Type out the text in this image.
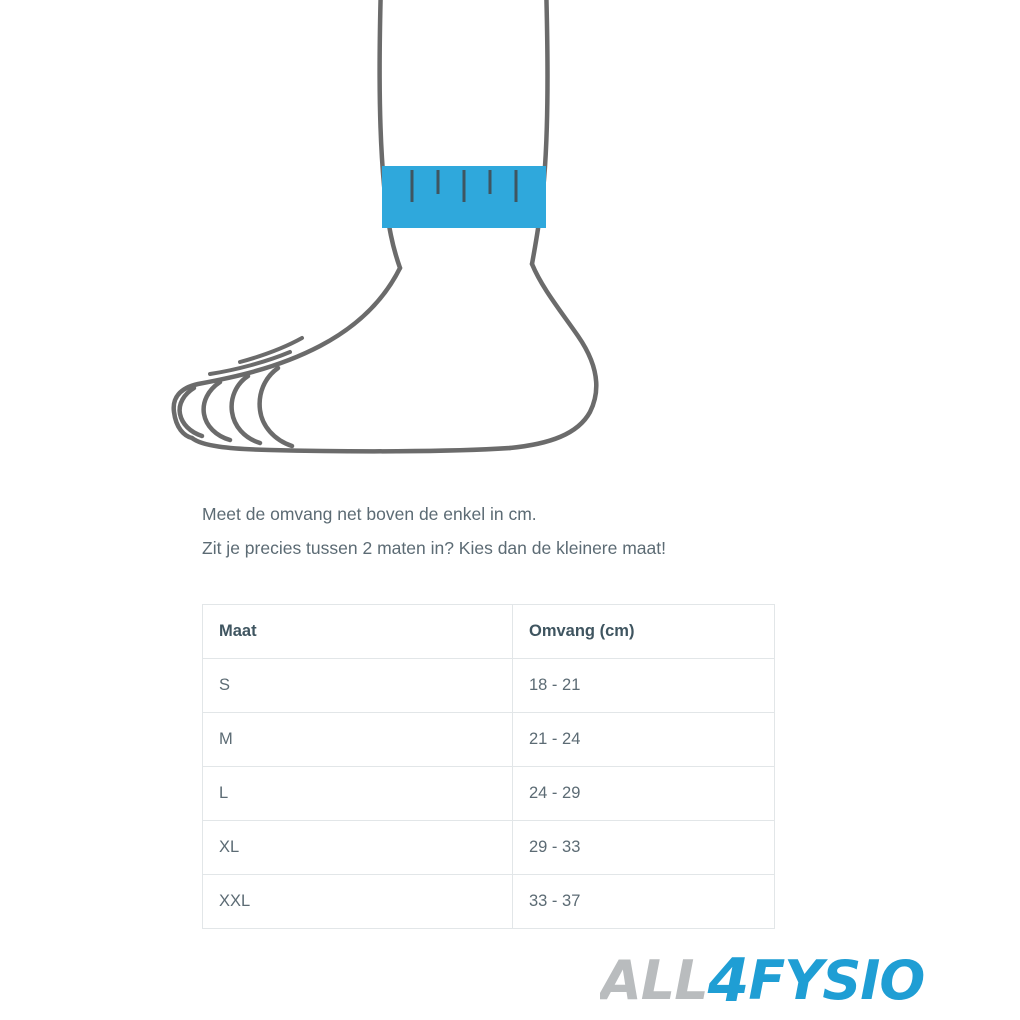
Meet de omvang net boven de enkel in cm.

Zit je precies tussen 2 maten in? Kies dan de kleinere maat!

Maat	Omvang (cm)
S	18 - 21
M	21 - 24
L	24 - 29
XL	29 - 33
XXL	33 - 37
ALL 4 FYSIO
